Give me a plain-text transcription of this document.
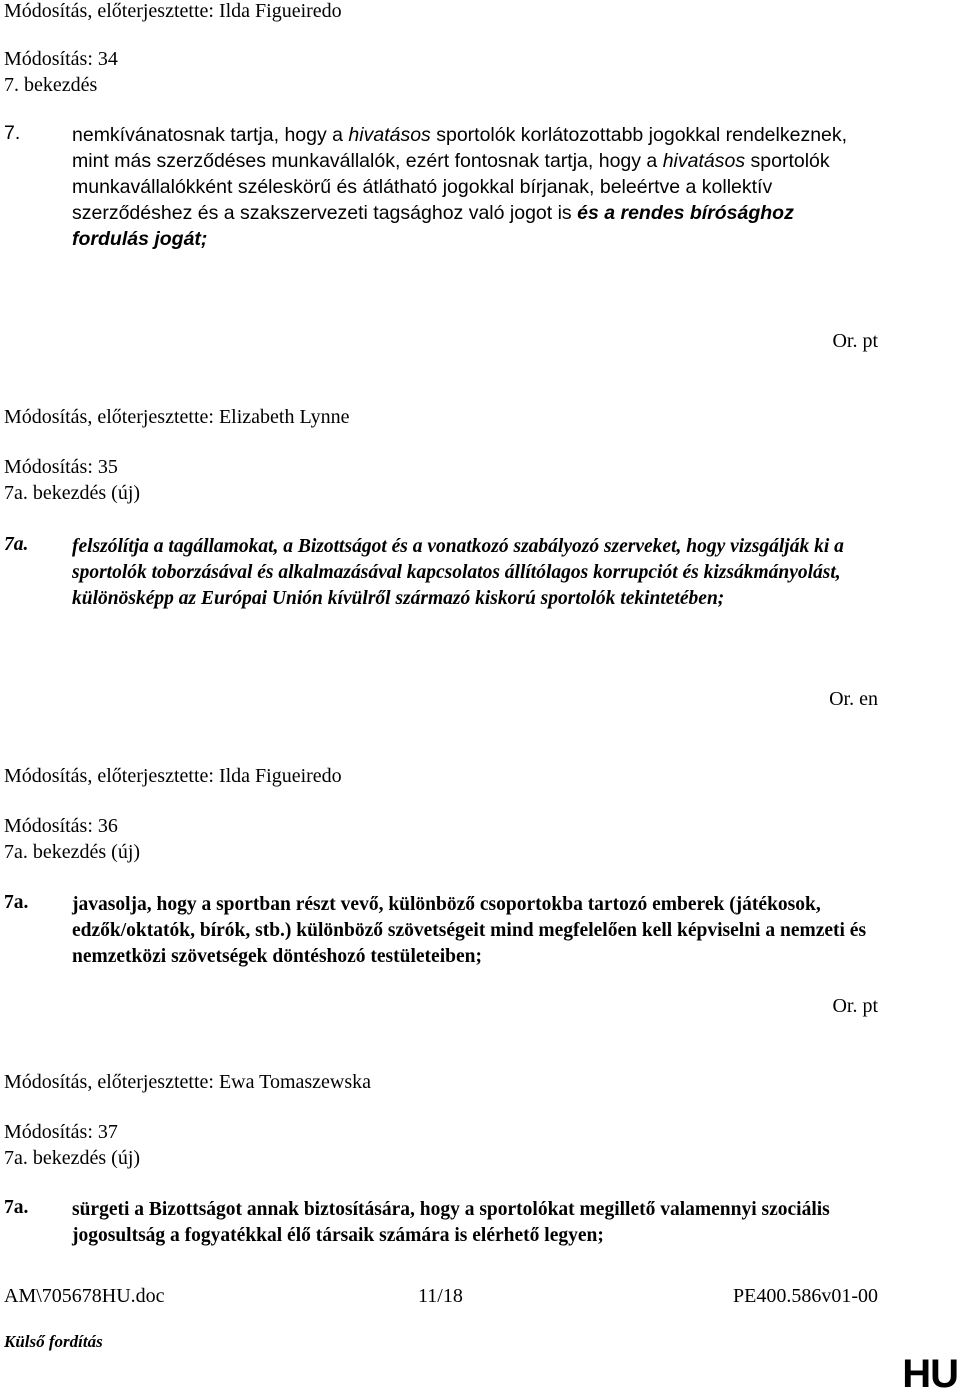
Módosítás, előterjesztette: Ilda Figueiredo
Módosítás: 34
7. bekezdés
7.	nemkívánatosnak tartja, hogy a hivatásos sportolók korlátozottabb jogokkal rendelkeznek, mint más szerződéses munkavállalók, ezért fontosnak tartja, hogy a hivatásos sportolók munkavállalókként széleskörű és átlátható jogokkal bírjanak, beleértve a kollektív szerződéshez és a szakszervezeti tagsághoz való jogot is és a rendes bírósághoz fordulás jogát;
Or. pt
Módosítás, előterjesztette: Elizabeth Lynne
Módosítás: 35
7a. bekezdés (új)
7a. felszólítja a tagállamokat, a Bizottságot és a vonatkozó szabályozó szerveket, hogy vizsgálják ki a sportolók toborzásával és alkalmazásával kapcsolatos állítólagos korrupciót és kizsákmányolást, különösképp az Európai Unión kívülről származó kiskorú sportolók tekintetében;
Or. en
Módosítás, előterjesztette: Ilda Figueiredo
Módosítás: 36
7a. bekezdés (új)
7a. javasolja, hogy a sportban részt vevő, különböző csoportokba tartozó emberek (játékosok, edzők/oktatók, bírók, stb.) különböző szövetségeit mind megfelelően kell képviselni a nemzeti és nemzetközi szövetségek döntéshozó testületeiben;
Or. pt
Módosítás, előterjesztette: Ewa Tomaszewska
Módosítás: 37
7a. bekezdés (új)
7a. sürgeti a Bizottságot annak biztosítására, hogy a sportolókat megillető valamennyi szociális jogosultság a fogyatékkal élő társaik számára is elérhető legyen;
AM\705678HU.doc	11/18	PE400.586v01-00
Külső fordítás
HU
